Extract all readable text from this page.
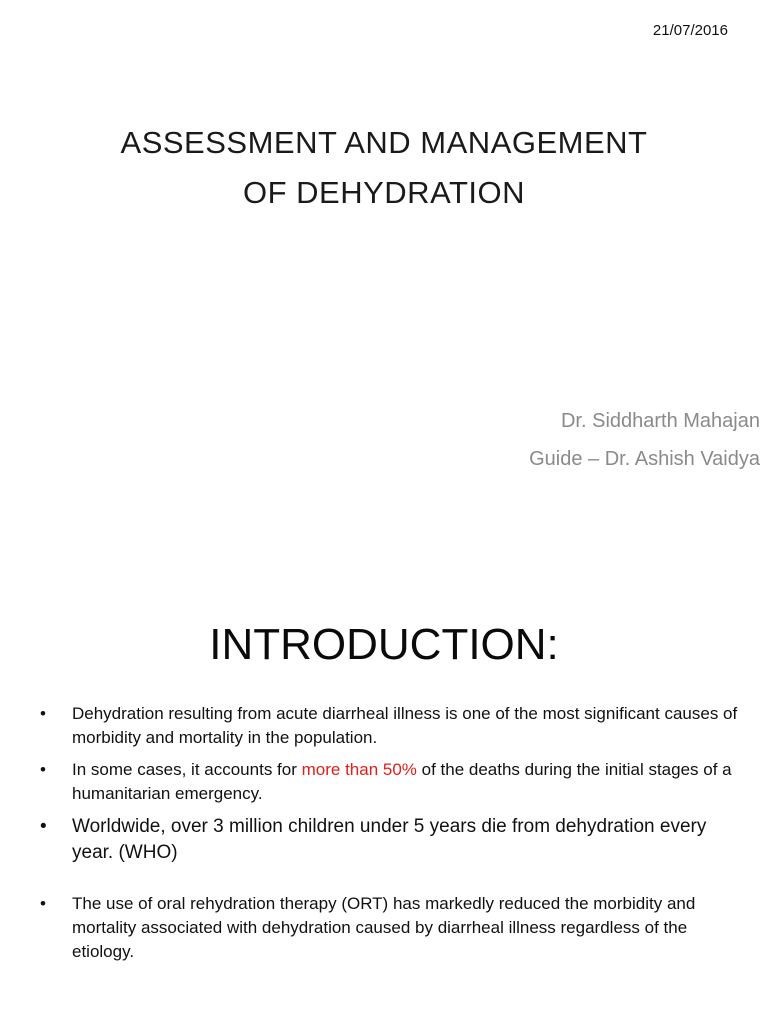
21/07/2016
ASSESSMENT AND MANAGEMENT
OF DEHYDRATION
Dr. Siddharth Mahajan
Guide – Dr. Ashish Vaidya
INTRODUCTION:
• Dehydration resulting from acute diarrheal illness is one of the most significant causes of morbidity and mortality in the population.
• In some cases, it accounts for more than 50% of the deaths during the initial stages of a humanitarian emergency.
• Worldwide, over 3 million children under 5 years die from dehydration every year. (WHO)
• The use of oral rehydration therapy (ORT) has markedly reduced the morbidity and mortality associated with dehydration caused by diarrheal illness regardless of the etiology.
